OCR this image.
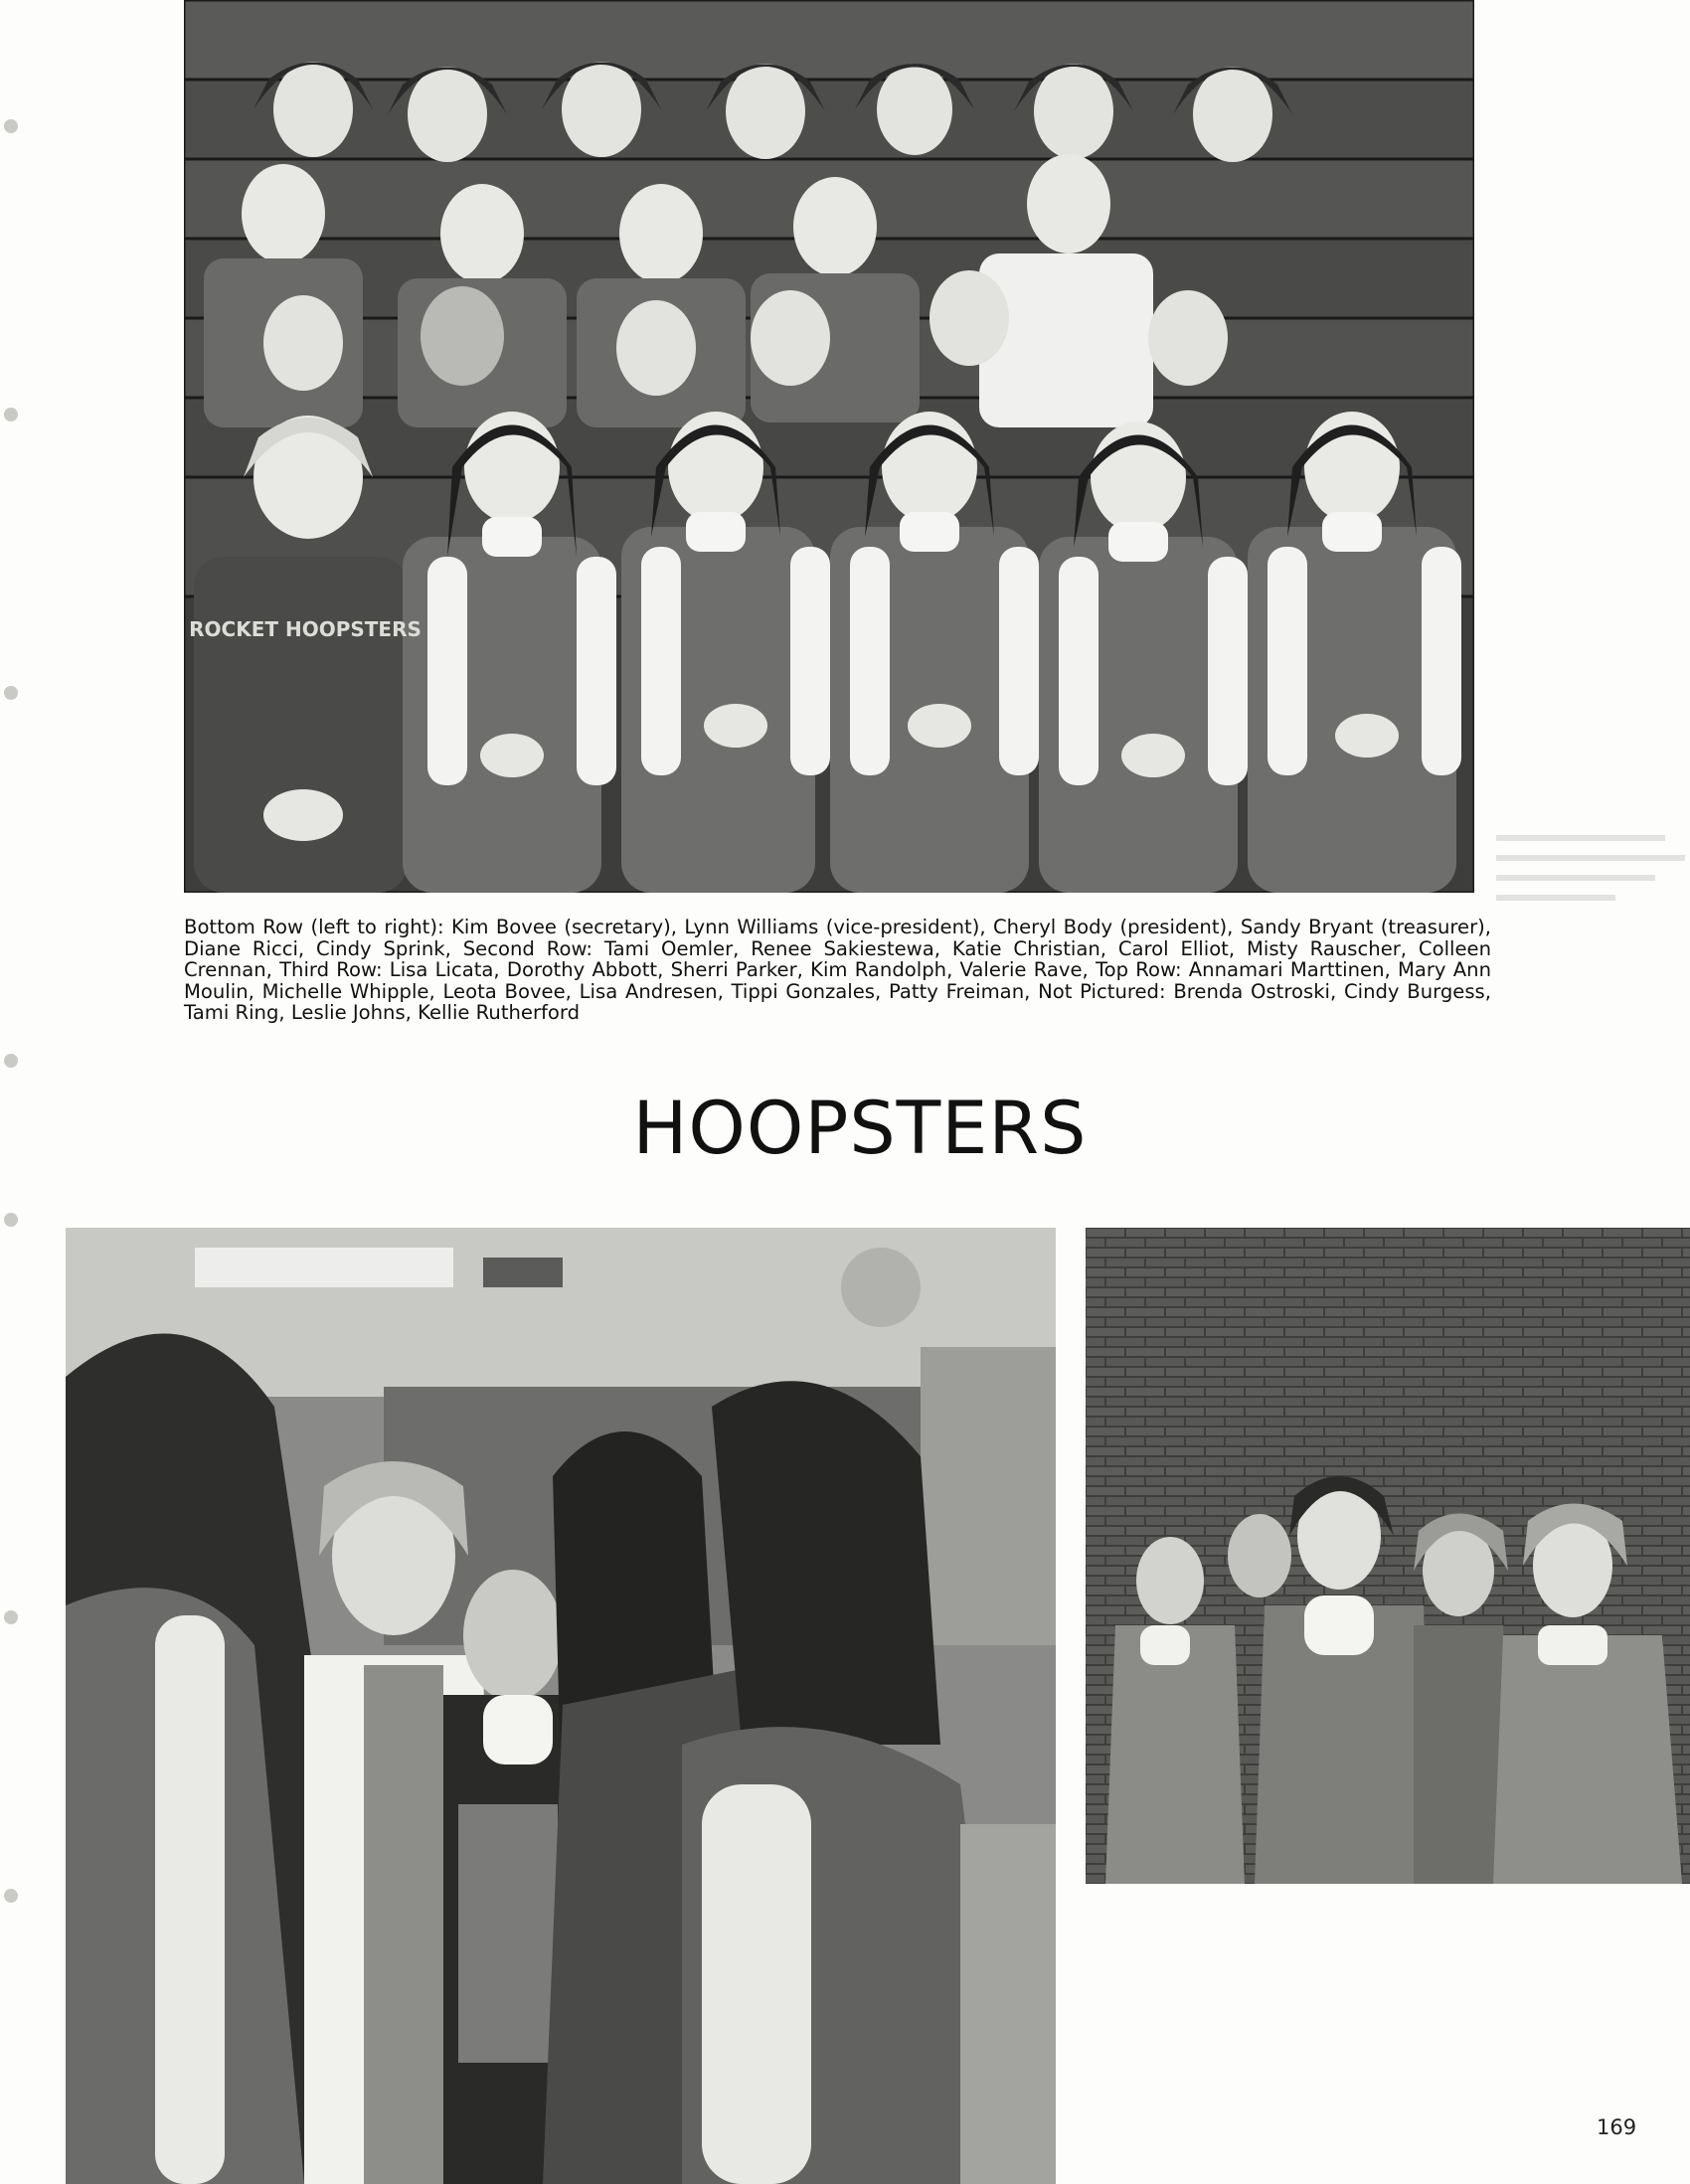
ROCKET HOOPSTERS
Bottom Row (left to right): Kim Bovee (secretary), Lynn Williams (vice-president), Cheryl Body (president), Sandy Bryant (treasurer), Diane Ricci, Cindy Sprink, Second Row: Tami Oemler, Renee Sakiestewa, Katie Christian, Carol Elliot, Misty Rauscher, Colleen Crennan, Third Row: Lisa Licata, Dorothy Abbott, Sherri Parker, Kim Randolph, Valerie Rave, Top Row: Annamari Marttinen, Mary Ann Moulin, Michelle Whipple, Leota Bovee, Lisa Andresen, Tippi Gonzales, Patty Freiman, Not Pictured: Brenda Ostroski, Cindy Burgess, Tami Ring, Leslie Johns, Kellie Rutherford
HOOPSTERS
169
